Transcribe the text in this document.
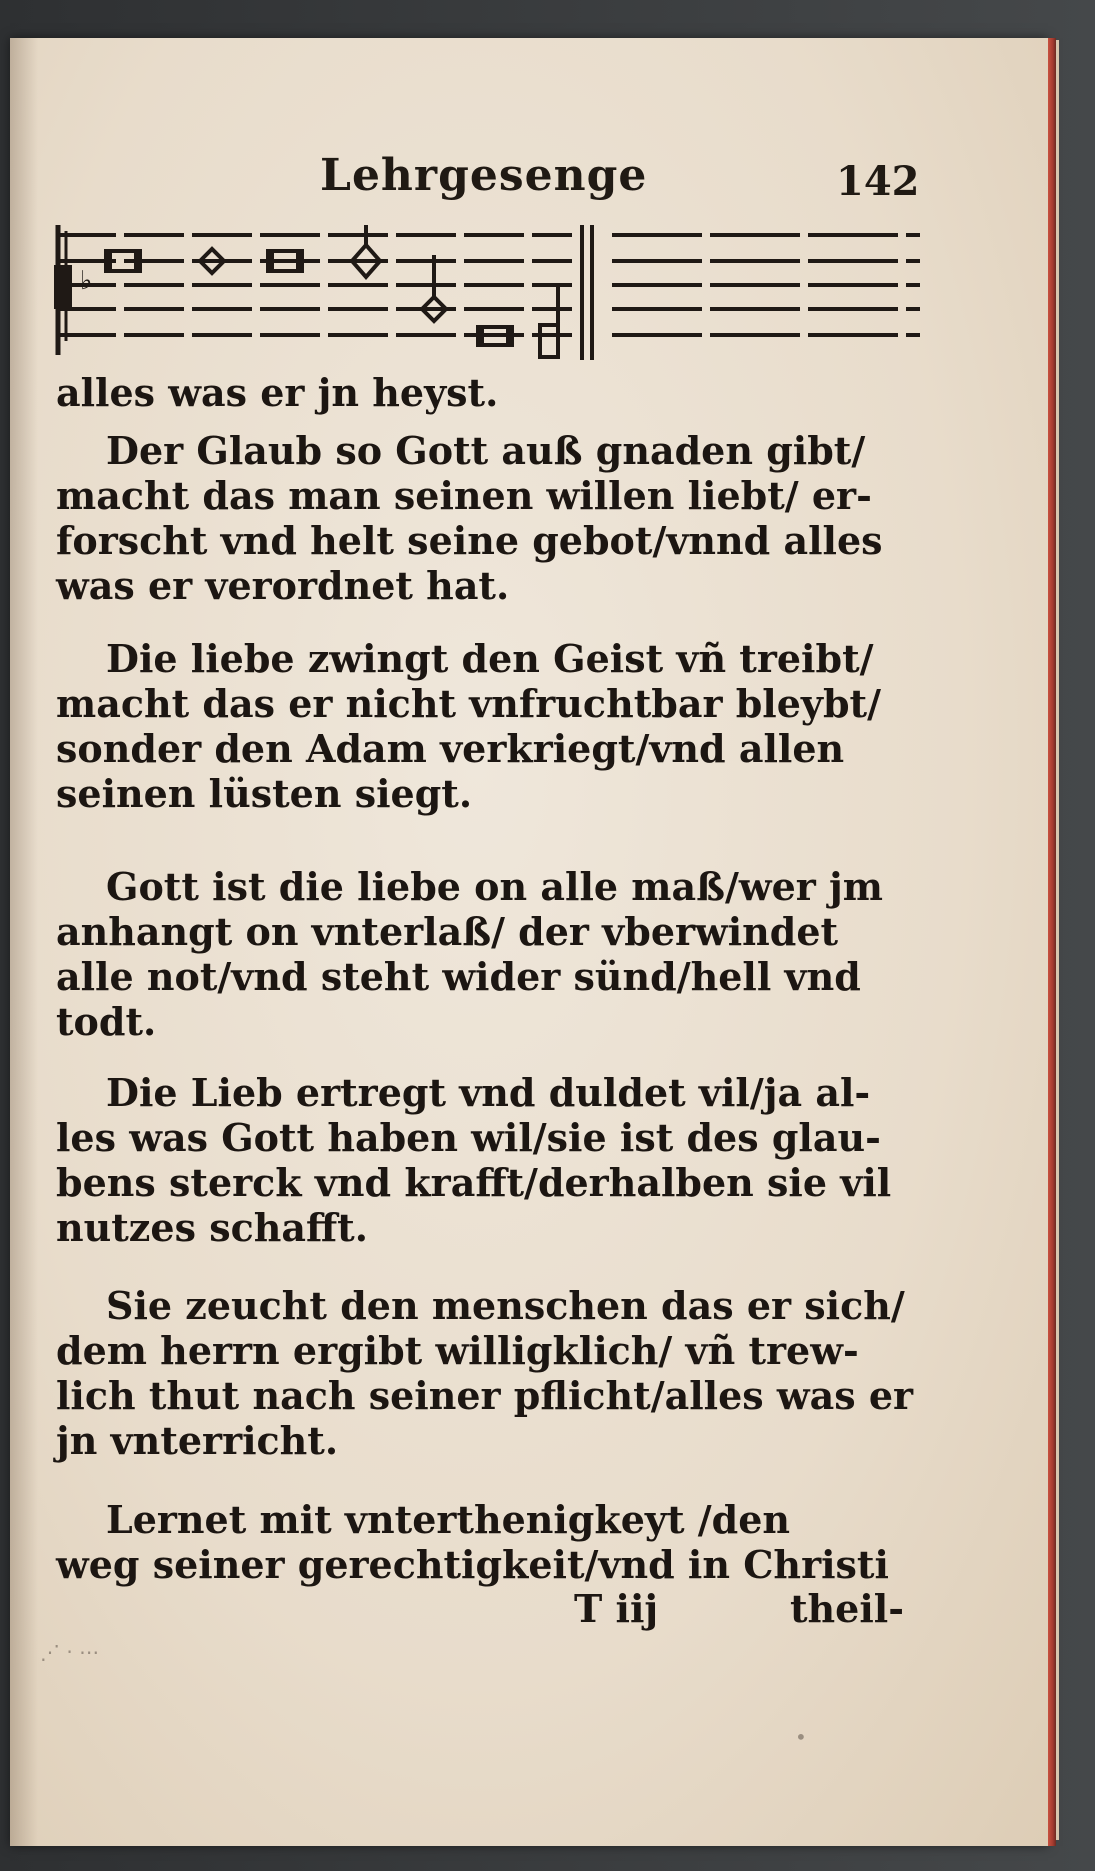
Lehrgesenge	142
♭
alles was er jn heyst.
Der Glaub so Gott auß gnaden gibt/
macht das man seinen willen liebt/ er-
forscht vnd helt seine gebot/vnnd alles
was er verordnet hat.
Die liebe zwingt den Geist vñ treibt/
macht das er nicht vnfruchtbar bleybt/
sonder den Adam verkriegt/vnd allen
seinen lüsten siegt.
Gott ist die liebe on alle maß/wer jm
anhangt on vnterlaß/ der vberwindet
alle not/vnd steht wider sünd/hell vnd
todt.
Die Lieb ertregt vnd duldet vil/ja al-
les was Gott haben wil/sie ist des glau-
bens sterck vnd krafft/derhalben sie vil
nutzes schafft.
Sie zeucht den menschen das er sich/
dem herrn ergibt willigklich/ vñ trew-
lich thut nach seiner pflicht/alles was er
jn vnterricht.
Lernet mit vnterthenigkeyt /den
weg seiner gerechtigkeit/vnd in Christi
T iij	theil-
⋰ ‧ ⋯
•
